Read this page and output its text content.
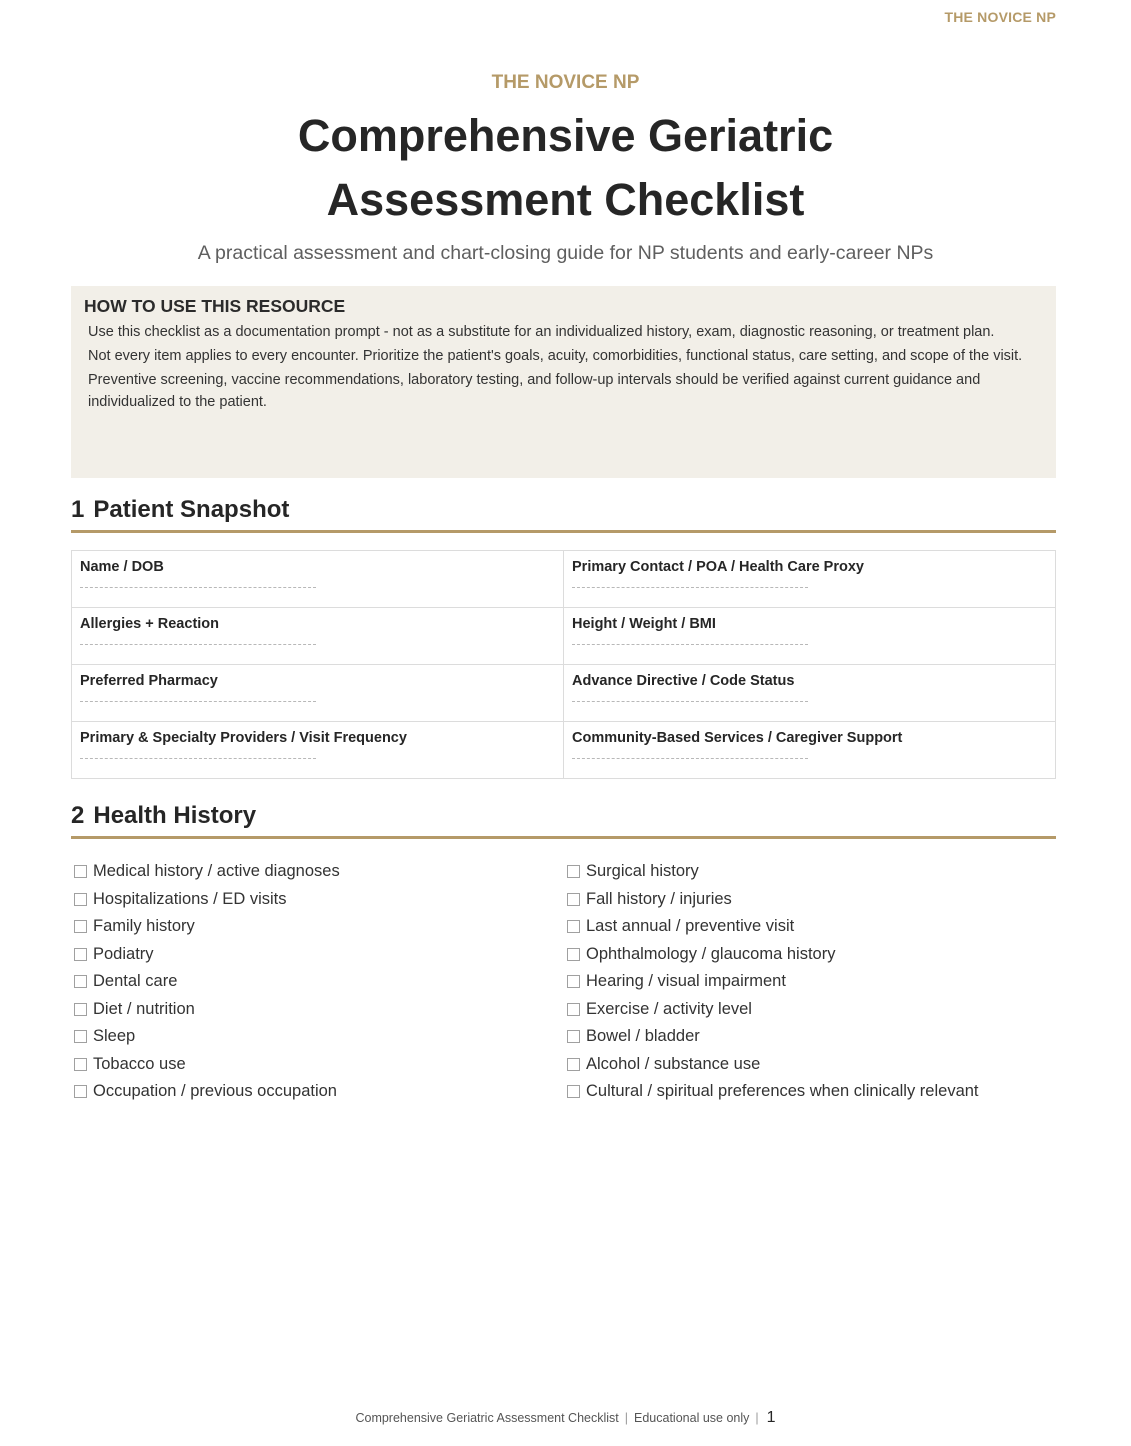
THE NOVICE NP
THE NOVICE NP
Comprehensive Geriatric
Assessment Checklist
A practical assessment and chart-closing guide for NP students and early-career NPs
HOW TO USE THIS RESOURCE
Use this checklist as a documentation prompt - not as a substitute for an individualized history, exam, diagnostic reasoning, or treatment plan.
Not every item applies to every encounter. Prioritize the patient's goals, acuity, comorbidities, functional status, care setting, and scope of the visit.
Preventive screening, vaccine recommendations, laboratory testing, and follow-up intervals should be verified against current guidance and individualized to the patient.
1 Patient Snapshot
Name / DOB	Primary Contact / POA / Health Care Proxy

Allergies + Reaction	Height / Weight / BMI

Preferred Pharmacy	Advance Directive / Code Status

Primary & Specialty Providers / Visit Frequency	Community-Based Services / Caregiver Support
2 Health History
Medical history / active diagnoses
Hospitalizations / ED visits
Family history
Podiatry
Dental care
Diet / nutrition
Sleep
Tobacco use
Occupation / previous occupation
Surgical history
Fall history / injuries
Last annual / preventive visit
Ophthalmology / glaucoma history
Hearing / visual impairment
Exercise / activity level
Bowel / bladder
Alcohol / substance use
Cultural / spiritual preferences when clinically relevant
Comprehensive Geriatric Assessment Checklist | Educational use only | 1
